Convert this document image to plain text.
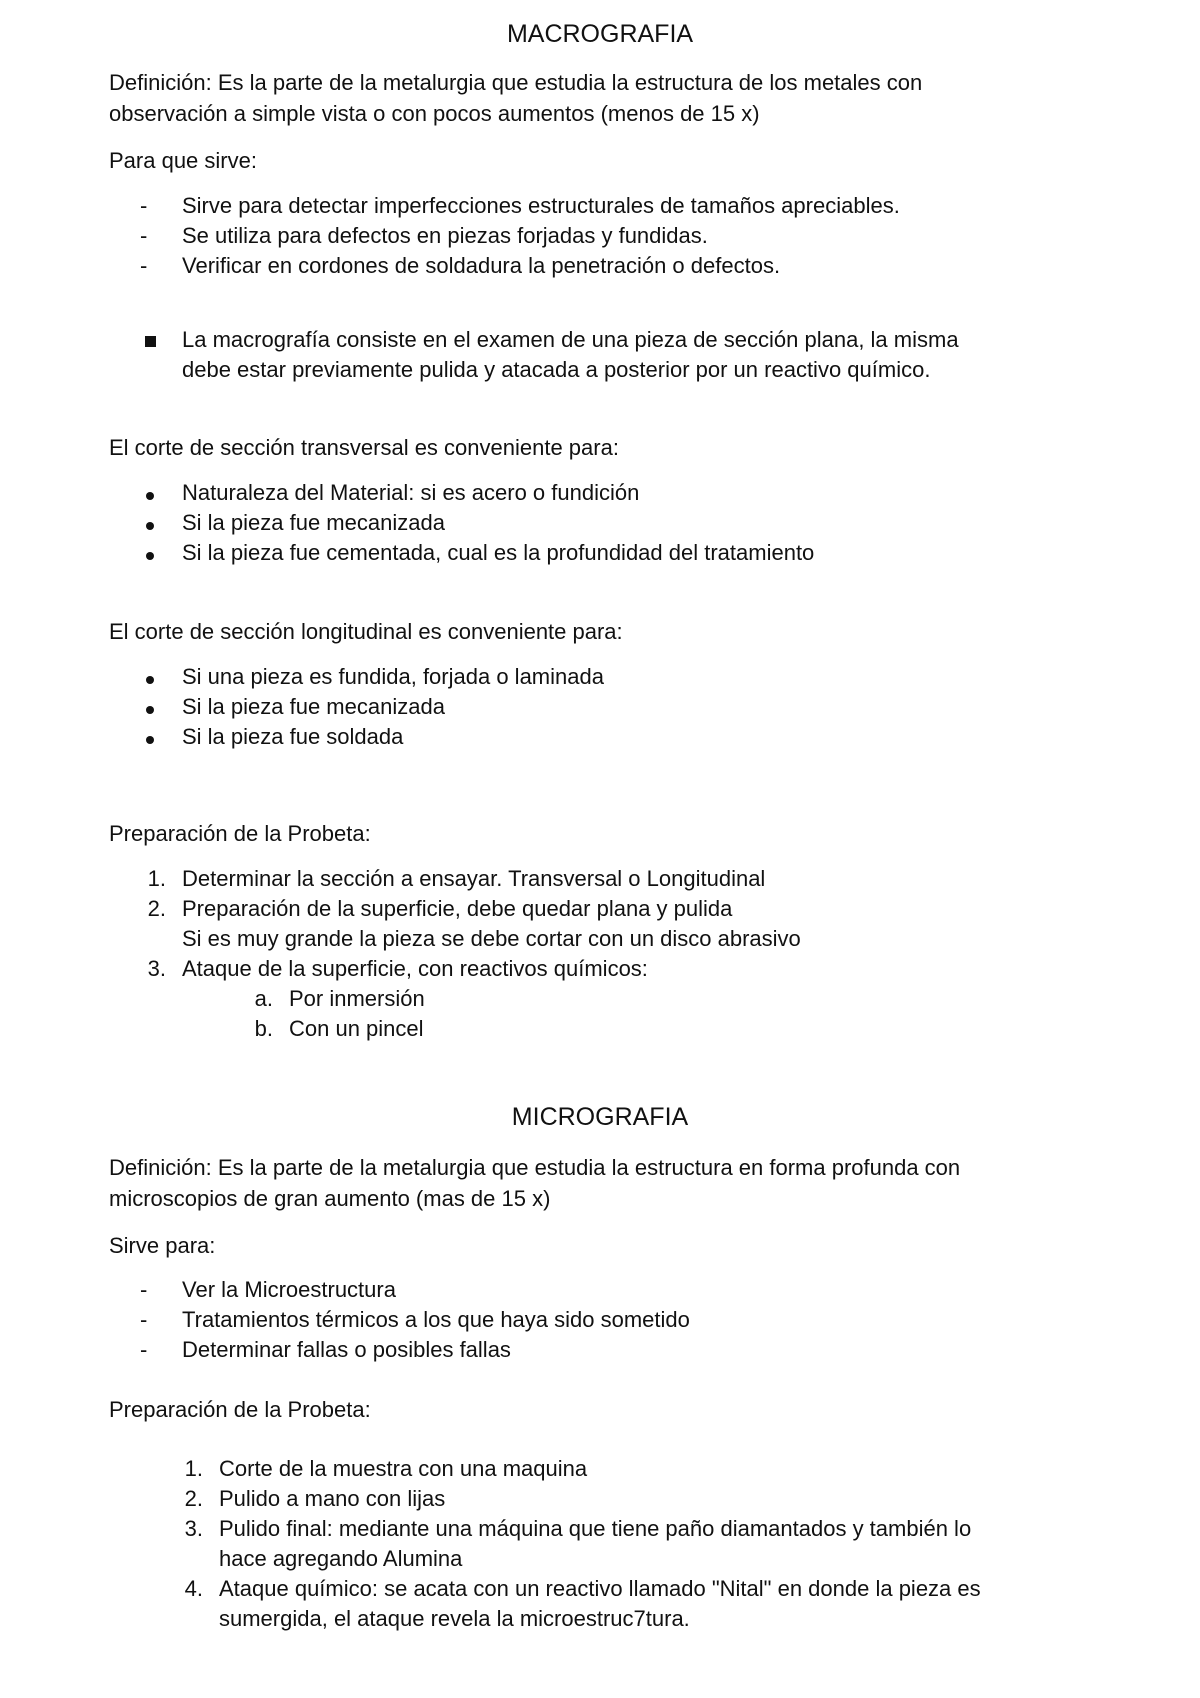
MACROGRAFIA
Definición: Es la parte de la metalurgia que estudia la estructura de los metales con
observación a simple vista o con pocos aumentos (menos de 15 x)
Para que sirve:
-	Sirve para detectar imperfecciones estructurales de tamaños apreciables.
-	Se utiliza para defectos en piezas forjadas y fundidas.
-	Verificar en cordones de soldadura la penetración o defectos.
La macrografía consiste en el examen de una pieza de sección plana, la misma
debe estar previamente pulida y atacada a posterior por un reactivo químico.
El corte de sección transversal es conveniente para:
Naturaleza del Material: si es acero o fundición
Si la pieza fue mecanizada
Si la pieza fue cementada, cual es la profundidad del tratamiento
El corte de sección longitudinal es conveniente para:
Si una pieza es fundida, forjada o laminada
Si la pieza fue mecanizada
Si la pieza fue soldada
Preparación de la Probeta:
1. Determinar la sección a ensayar. Transversal o Longitudinal
2. Preparación de la superficie, debe quedar plana y pulida
Si es muy grande la pieza se debe cortar con un disco abrasivo
3. Ataque de la superficie, con reactivos químicos:
a. Por inmersión
b. Con un pincel
MICROGRAFIA
Definición: Es la parte de la metalurgia que estudia la estructura en forma profunda con
microscopios de gran aumento (mas de 15 x)
Sirve para:
-	Ver la Microestructura
-	Tratamientos térmicos a los que haya sido sometido
-	Determinar fallas o posibles fallas
Preparación de la Probeta:
1. Corte de la muestra con una maquina
2. Pulido a mano con lijas
3. Pulido final: mediante una máquina que tiene paño diamantados y también lo
hace agregando Alumina
4. Ataque químico: se acata con un reactivo llamado "Nital" en donde la pieza es
sumergida, el ataque revela la microestruc7tura.
